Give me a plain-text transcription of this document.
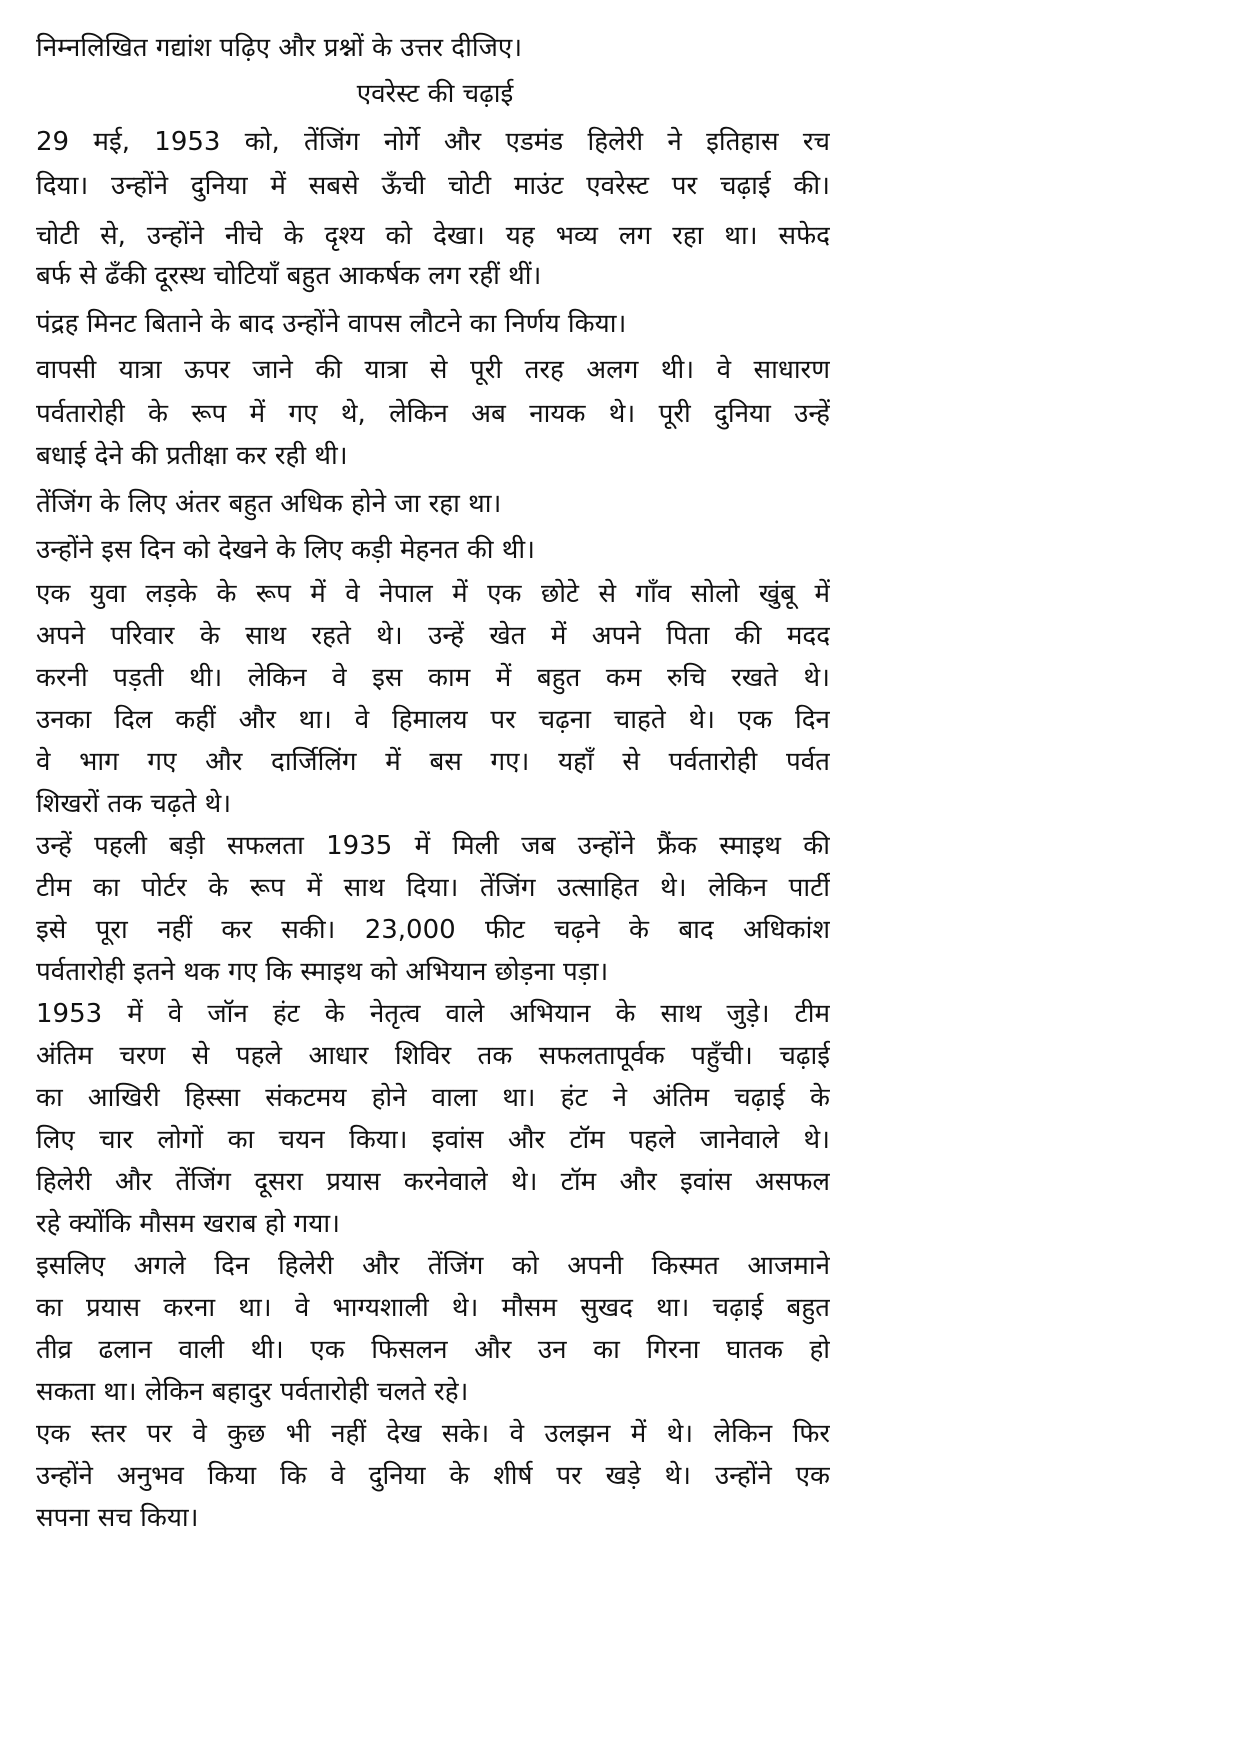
निम्नलिखित गद्यांश पढ़िए और प्रश्नों के उत्तर दीजिए।
एवरेस्ट की चढ़ाई
29 मई, 1953 को, तेंजिंग नोर्गे और एडमंड हिलेरी ने इतिहास रच
दिया। उन्होंने दुनिया में सबसे ऊँची चोटी माउंट एवरेस्ट पर चढ़ाई की।
चोटी से, उन्होंने नीचे के दृश्य को देखा। यह भव्य लग रहा था। सफेद
बर्फ से ढँकी दूरस्थ चोटियाँ बहुत आकर्षक लग रहीं थीं।
पंद्रह मिनट बिताने के बाद उन्होंने वापस लौटने का निर्णय किया।
वापसी यात्रा ऊपर जाने की यात्रा से पूरी तरह अलग थी। वे साधारण
पर्वतारोही के रूप में गए थे, लेकिन अब नायक थे। पूरी दुनिया उन्हें
बधाई देने की प्रतीक्षा कर रही थी।
तेंजिंग के लिए अंतर बहुत अधिक होने जा रहा था।
उन्होंने इस दिन को देखने के लिए कड़ी मेहनत की थी।
एक युवा लड़के के रूप में वे नेपाल में एक छोटे से गाँव सोलो खुंबू में
अपने परिवार के साथ रहते थे। उन्हें खेत में अपने पिता की मदद
करनी पड़ती थी। लेकिन वे इस काम में बहुत कम रुचि रखते थे।
उनका दिल कहीं और था। वे हिमालय पर चढ़ना चाहते थे। एक दिन
वे भाग गए और दार्जिलिंग में बस गए। यहाँ से पर्वतारोही पर्वत
शिखरों तक चढ़ते थे।
उन्हें पहली बड़ी सफलता 1935 में मिली जब उन्होंने फ्रैंक स्माइथ की
टीम का पोर्टर के रूप में साथ दिया। तेंजिंग उत्साहित थे। लेकिन पार्टी
इसे पूरा नहीं कर सकी। 23,000 फीट चढ़ने के बाद अधिकांश
पर्वतारोही इतने थक गए कि स्माइथ को अभियान छोड़ना पड़ा।
1953 में वे जॉन हंट के नेतृत्व वाले अभियान के साथ जुड़े। टीम
अंतिम चरण से पहले आधार शिविर तक सफलतापूर्वक पहुँची। चढ़ाई
का आखिरी हिस्सा संकटमय होने वाला था। हंट ने अंतिम चढ़ाई के
लिए चार लोगों का चयन किया। इवांस और टॉम पहले जानेवाले थे।
हिलेरी और तेंजिंग दूसरा प्रयास करनेवाले थे। टॉम और इवांस असफल
रहे क्योंकि मौसम खराब हो गया।
इसलिए अगले दिन हिलेरी और तेंजिंग को अपनी किस्मत आजमाने
का प्रयास करना था। वे भाग्यशाली थे। मौसम सुखद था। चढ़ाई बहुत
तीव्र ढलान वाली थी। एक फिसलन और उन का गिरना घातक हो
सकता था। लेकिन बहादुर पर्वतारोही चलते रहे।
एक स्तर पर वे कुछ भी नहीं देख सके। वे उलझन में थे। लेकिन फिर
उन्होंने अनुभव किया कि वे दुनिया के शीर्ष पर खड़े थे। उन्होंने एक
सपना सच किया।
